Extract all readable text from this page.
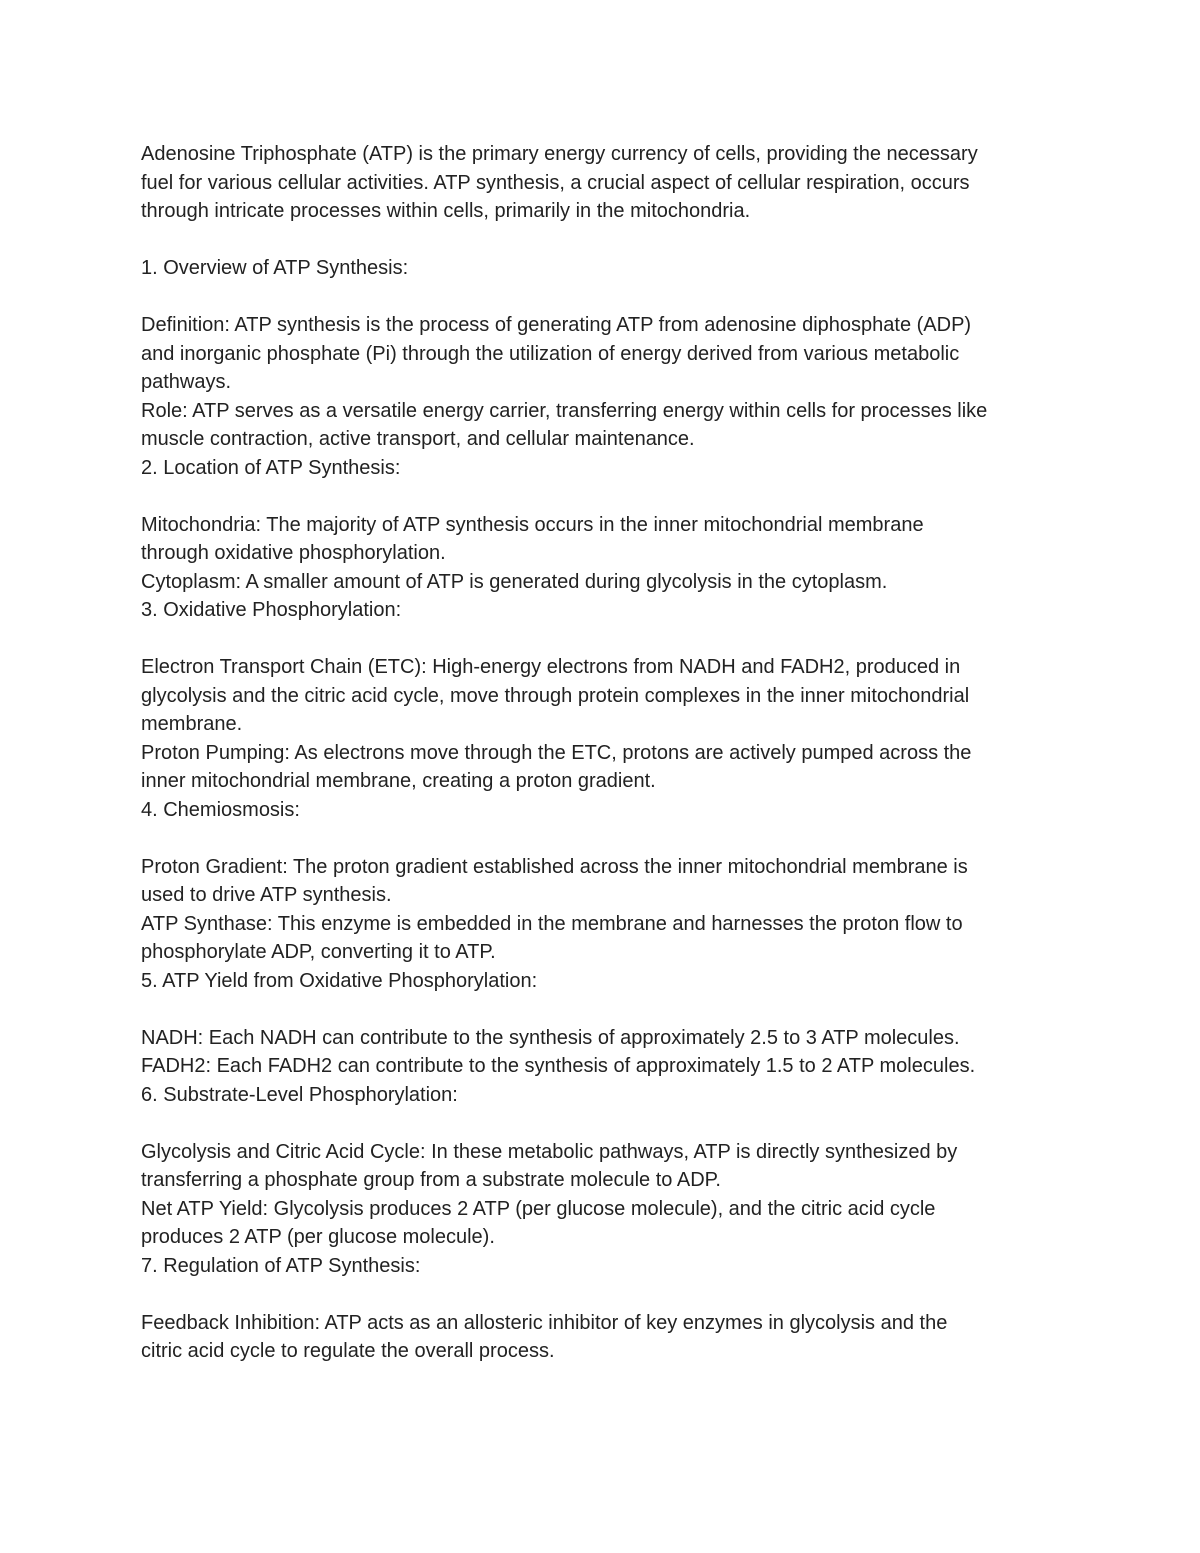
Adenosine Triphosphate (ATP) is the primary energy currency of cells, providing the necessary
fuel for various cellular activities. ATP synthesis, a crucial aspect of cellular respiration, occurs
through intricate processes within cells, primarily in the mitochondria.
1. Overview of ATP Synthesis:
Definition: ATP synthesis is the process of generating ATP from adenosine diphosphate (ADP)
and inorganic phosphate (Pi) through the utilization of energy derived from various metabolic
pathways.
Role: ATP serves as a versatile energy carrier, transferring energy within cells for processes like
muscle contraction, active transport, and cellular maintenance.
2. Location of ATP Synthesis:
Mitochondria: The majority of ATP synthesis occurs in the inner mitochondrial membrane
through oxidative phosphorylation.
Cytoplasm: A smaller amount of ATP is generated during glycolysis in the cytoplasm.
3. Oxidative Phosphorylation:
Electron Transport Chain (ETC): High-energy electrons from NADH and FADH2, produced in
glycolysis and the citric acid cycle, move through protein complexes in the inner mitochondrial
membrane.
Proton Pumping: As electrons move through the ETC, protons are actively pumped across the
inner mitochondrial membrane, creating a proton gradient.
4. Chemiosmosis:
Proton Gradient: The proton gradient established across the inner mitochondrial membrane is
used to drive ATP synthesis.
ATP Synthase: This enzyme is embedded in the membrane and harnesses the proton flow to
phosphorylate ADP, converting it to ATP.
5. ATP Yield from Oxidative Phosphorylation:
NADH: Each NADH can contribute to the synthesis of approximately 2.5 to 3 ATP molecules.
FADH2: Each FADH2 can contribute to the synthesis of approximately 1.5 to 2 ATP molecules.
6. Substrate-Level Phosphorylation:
Glycolysis and Citric Acid Cycle: In these metabolic pathways, ATP is directly synthesized by
transferring a phosphate group from a substrate molecule to ADP.
Net ATP Yield: Glycolysis produces 2 ATP (per glucose molecule), and the citric acid cycle
produces 2 ATP (per glucose molecule).
7. Regulation of ATP Synthesis:
Feedback Inhibition: ATP acts as an allosteric inhibitor of key enzymes in glycolysis and the
citric acid cycle to regulate the overall process.
